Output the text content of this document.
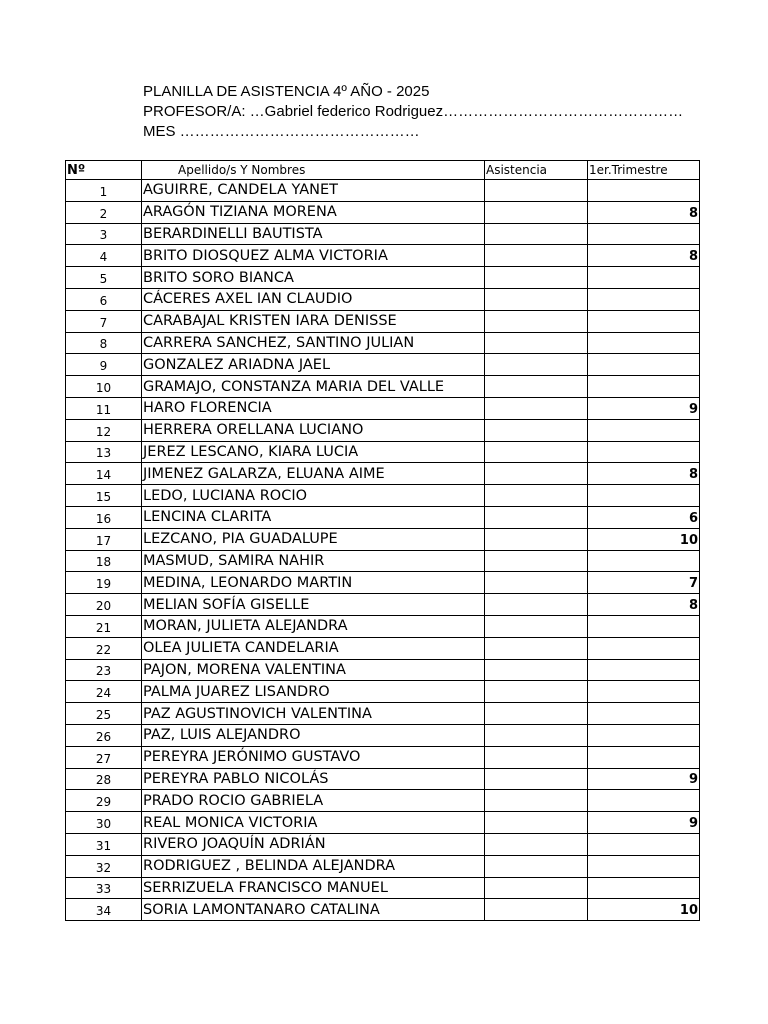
PLANILLA DE ASISTENCIA 4º AÑO - 2025
PROFESOR/A: …Gabriel federico Rodriguez…………………………………………
MES …………………………………………
Nº	Apellido/s Y Nombres	Asistencia	1er.Trimestre
1	AGUIRRE, CANDELA YANET		
2	ARAGÓN TIZIANA MORENA		8
3	BERARDINELLI BAUTISTA		
4	BRITO DIOSQUEZ ALMA VICTORIA		8
5	BRITO SORO BIANCA		
6	CÁCERES AXEL IAN CLAUDIO		
7	CARABAJAL KRISTEN IARA DENISSE		
8	CARRERA SANCHEZ, SANTINO JULIAN		
9	GONZALEZ ARIADNA JAEL		
10	GRAMAJO, CONSTANZA MARIA DEL VALLE		
11	HARO FLORENCIA		9
12	HERRERA ORELLANA LUCIANO		
13	JEREZ LESCANO, KIARA LUCIA		
14	JIMENEZ GALARZA, ELUANA AIME		8
15	LEDO, LUCIANA ROCIO		
16	LENCINA CLARITA		6
17	LEZCANO, PIA GUADALUPE		10
18	MASMUD, SAMIRA NAHIR		
19	MEDINA, LEONARDO MARTIN		7
20	MELIAN SOFÍA GISELLE		8
21	MORAN, JULIETA ALEJANDRA		
22	OLEA JULIETA CANDELARIA		
23	PAJON, MORENA VALENTINA		
24	PALMA JUAREZ LISANDRO		
25	PAZ AGUSTINOVICH VALENTINA		
26	PAZ, LUIS ALEJANDRO		
27	PEREYRA JERÓNIMO GUSTAVO		
28	PEREYRA PABLO NICOLÁS		9
29	PRADO ROCIO GABRIELA		
30	REAL MONICA VICTORIA		9
31	RIVERO JOAQUÍN ADRIÁN		
32	RODRIGUEZ , BELINDA ALEJANDRA		
33	SERRIZUELA FRANCISCO MANUEL		
34	SORIA LAMONTANARO CATALINA		10
